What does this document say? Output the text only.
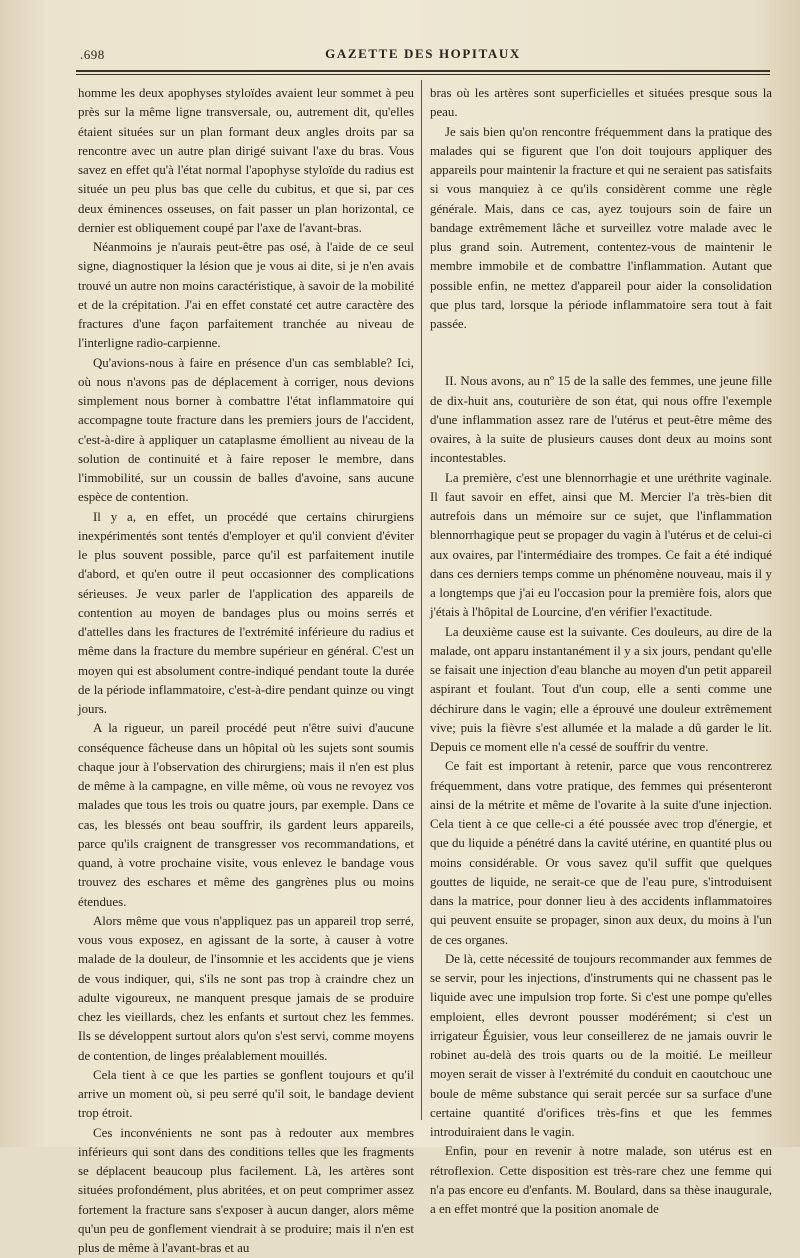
.698	GAZETTE DES HOPITAUX

homme les deux apophyses styloïdes avaient leur sommet à peu près sur la même ligne transversale, ou, autrement dit, qu'elles étaient situées sur un plan formant deux angles droits par sa rencontre avec un autre plan dirigé suivant l'axe du bras. Vous savez en effet qu'à l'état normal l'apophyse styloïde du radius est située un peu plus bas que celle du cubitus, et que si, par ces deux éminences osseuses, on fait passer un plan horizontal, ce dernier est obliquement coupé par l'axe de l'avant-bras.

Néanmoins je n'aurais peut-être pas osé, à l'aide de ce seul signe, diagnostiquer la lésion que je vous ai dite, si je n'en avais trouvé un autre non moins caractéristique, à savoir de la mobilité et de la crépitation. J'ai en effet constaté cet autre caractère des fractures d'une façon parfaitement tranchée au niveau de l'interligne radio-carpienne.

Qu'avions-nous à faire en présence d'un cas semblable? Ici, où nous n'avons pas de déplacement à corriger, nous devions simplement nous borner à combattre l'état inflammatoire qui accompagne toute fracture dans les premiers jours de l'accident, c'est-à-dire à appliquer un cataplasme émollient au niveau de la solution de continuité et à faire reposer le membre, dans l'immobilité, sur un coussin de balles d'avoine, sans aucune espèce de contention.

Il y a, en effet, un procédé que certains chirurgiens inexpérimentés sont tentés d'employer et qu'il convient d'éviter le plus souvent possible, parce qu'il est parfaitement inutile d'abord, et qu'en outre il peut occasionner des complications sérieuses. Je veux parler de l'application des appareils de contention au moyen de bandages plus ou moins serrés et d'attelles dans les fractures de l'extrémité inférieure du radius et même dans la fracture du membre supérieur en général. C'est un moyen qui est absolument contre-indiqué pendant toute la durée de la période inflammatoire, c'est-à-dire pendant quinze ou vingt jours.

A la rigueur, un pareil procédé peut n'être suivi d'aucune conséquence fâcheuse dans un hôpital où les sujets sont soumis chaque jour à l'observation des chirurgiens; mais il n'en est plus de même à la campagne, en ville même, où vous ne revoyez vos malades que tous les trois ou quatre jours, par exemple. Dans ce cas, les blessés ont beau souffrir, ils gardent leurs appareils, parce qu'ils craignent de transgresser vos recommandations, et quand, à votre prochaine visite, vous enlevez le bandage vous trouvez des eschares et même des gangrènes plus ou moins étendues.

Alors même que vous n'appliquez pas un appareil trop serré, vous vous exposez, en agissant de la sorte, à causer à votre malade de la douleur, de l'insomnie et les accidents que je viens de vous indiquer, qui, s'ils ne sont pas trop à craindre chez un adulte vigoureux, ne manquent presque jamais de se produire chez les vieillards, chez les enfants et surtout chez les femmes. Ils se développent surtout alors qu'on s'est servi, comme moyens de contention, de linges préalablement mouillés.

Cela tient à ce que les parties se gonflent toujours et qu'il arrive un moment où, si peu serré qu'il soit, le bandage devient trop étroit.

Ces inconvénients ne sont pas à redouter aux membres inférieurs qui sont dans des conditions telles que les fragments se déplacent beaucoup plus facilement. Là, les artères sont situées profondément, plus abritées, et on peut comprimer assez fortement la fracture sans s'exposer à aucun danger, alors même qu'un peu de gonflement viendrait à se produire; mais il n'en est plus de même à l'avant-bras et au

bras où les artères sont superficielles et situées presque sous la peau.

Je sais bien qu'on rencontre fréquemment dans la pratique des malades qui se figurent que l'on doit toujours appliquer des appareils pour maintenir la fracture et qui ne seraient pas satisfaits si vous manquiez à ce qu'ils considèrent comme une règle générale. Mais, dans ce cas, ayez toujours soin de faire un bandage extrêmement lâche et surveillez votre malade avec le plus grand soin. Autrement, contentez-vous de maintenir le membre immobile et de combattre l'inflammation. Autant que possible enfin, ne mettez d'appareil pour aider la consolidation que plus tard, lorsque la période inflammatoire sera tout à fait passée.

II. Nous avons, au nº 15 de la salle des femmes, une jeune fille de dix-huit ans, couturière de son état, qui nous offre l'exemple d'une inflammation assez rare de l'utérus et peut-être même des ovaires, à la suite de plusieurs causes dont deux au moins sont incontestables.

La première, c'est une blennorrhagie et une uréthrite vaginale. Il faut savoir en effet, ainsi que M. Mercier l'a très-bien dit autrefois dans un mémoire sur ce sujet, que l'inflammation blennorrhagique peut se propager du vagin à l'utérus et de celui-ci aux ovaires, par l'intermédiaire des trompes. Ce fait a été indiqué dans ces derniers temps comme un phénomène nouveau, mais il y a longtemps que j'ai eu l'occasion pour la première fois, alors que j'étais à l'hôpital de Lourcine, d'en vérifier l'exactitude.

La deuxième cause est la suivante. Ces douleurs, au dire de la malade, ont apparu instantanément il y a six jours, pendant qu'elle se faisait une injection d'eau blanche au moyen d'un petit appareil aspirant et foulant. Tout d'un coup, elle a senti comme une déchirure dans le vagin; elle a éprouvé une douleur extrêmement vive; puis la fièvre s'est allumée et la malade a dû garder le lit. Depuis ce moment elle n'a cessé de souffrir du ventre.

Ce fait est important à retenir, parce que vous rencontrerez fréquemment, dans votre pratique, des femmes qui présenteront ainsi de la métrite et même de l'ovarite à la suite d'une injection. Cela tient à ce que celle-ci a été poussée avec trop d'énergie, et que du liquide a pénétré dans la cavité utérine, en quantité plus ou moins considérable. Or vous savez qu'il suffit que quelques gouttes de liquide, ne serait-ce que de l'eau pure, s'introduisent dans la matrice, pour donner lieu à des accidents inflammatoires qui peuvent ensuite se propager, sinon aux deux, du moins à l'un de ces organes.

De là, cette nécessité de toujours recommander aux femmes de se servir, pour les injections, d'instruments qui ne chassent pas le liquide avec une impulsion trop forte. Si c'est une pompe qu'elles emploient, elles devront pousser modérément; si c'est un irrigateur Éguisier, vous leur conseillerez de ne jamais ouvrir le robinet au-delà des trois quarts ou de la moitié. Le meilleur moyen serait de visser à l'extrémité du conduit en caoutchouc une boule de même substance qui serait percée sur sa surface d'une certaine quantité d'orifices très-fins et que les femmes introduiraient dans le vagin.

Enfin, pour en revenir à notre malade, son utérus est en rétroflexion. Cette disposition est très-rare chez une femme qui n'a pas encore eu d'enfants. M. Boulard, dans sa thèse inaugurale, a en effet montré que la position anomale de
